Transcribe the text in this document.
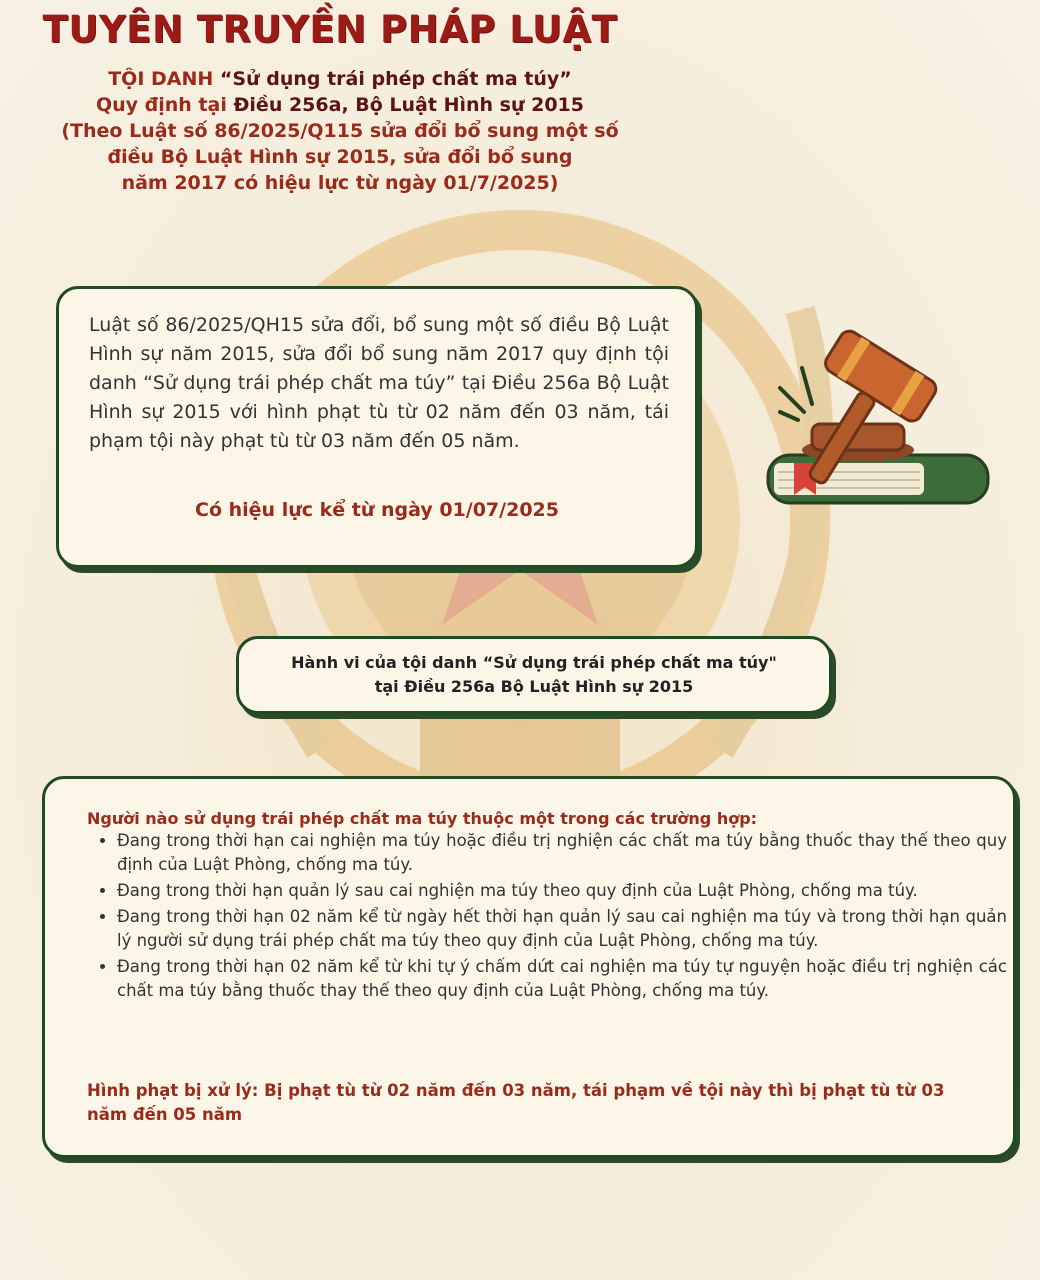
TUYÊN TRUYỀN PHÁP LUẬT
TỘI DANH “Sử dụng trái phép chất ma túy”
Quy định tại Điều 256a, Bộ Luật Hình sự 2015
(Theo Luật số 86/2025/Q115 sửa đổi bổ sung một số
điều Bộ Luật Hình sự 2015, sửa đổi bổ sung
năm 2017 có hiệu lực từ ngày 01/7/2025)
Luật số 86/2025/QH15 sửa đổi, bổ sung một số điều Bộ Luật Hình sự năm 2015, sửa đổi bổ sung năm 2017 quy định tội danh “Sử dụng trái phép chất ma túy” tại Điều 256a Bộ Luật Hình sự 2015 với hình phạt tù từ 02 năm đến 03 năm, tái phạm tội này phạt tù từ 03 năm đến 05 năm.
Có hiệu lực kể từ ngày 01/07/2025
Hành vi của tội danh “Sử dụng trái phép chất ma túy"
tại Điều 256a Bộ Luật Hình sự 2015
Người nào sử dụng trái phép chất ma túy thuộc một trong các trường hợp:
• Đang trong thời hạn cai nghiện ma túy hoặc điều trị nghiện các chất ma túy bằng thuốc thay thế theo quy định của Luật Phòng, chống ma túy.
• Đang trong thời hạn quản lý sau cai nghiện ma túy theo quy định của Luật Phòng, chống ma túy.
• Đang trong thời hạn 02 năm kể từ ngày hết thời hạn quản lý sau cai nghiện ma túy và trong thời hạn quản lý người sử dụng trái phép chất ma túy theo quy định của Luật Phòng, chống ma túy.
• Đang trong thời hạn 02 năm kể từ khi tự ý chấm dứt cai nghiện ma túy tự nguyện hoặc điều trị nghiện các chất ma túy bằng thuốc thay thế theo quy định của Luật Phòng, chống ma túy.
Hình phạt bị xử lý: Bị phạt tù từ 02 năm đến 03 năm, tái phạm về tội này thì bị phạt tù từ 03 năm đến 05 năm
